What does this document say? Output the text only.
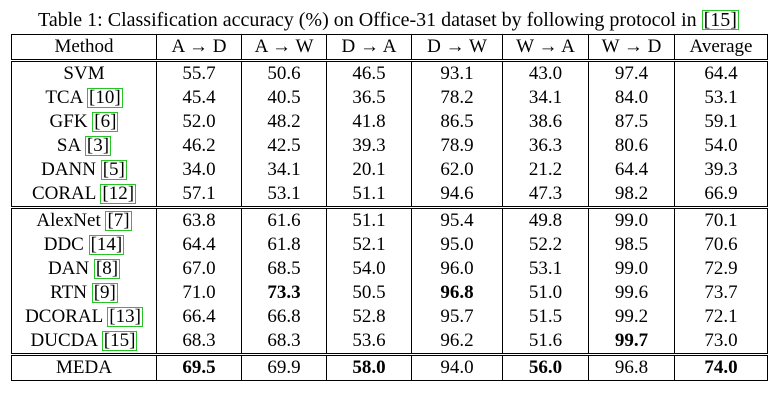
Table 1: Classification accuracy (%) on Office-31 dataset by following protocol in [15]
Method	A → D	A → W	D → A	D → W	W → A	W → D	Average
SVM	55.7	50.6	46.5	93.1	43.0	97.4	64.4
TCA [10]	45.4	40.5	36.5	78.2	34.1	84.0	53.1
GFK [6]	52.0	48.2	41.8	86.5	38.6	87.5	59.1
SA [3]	46.2	42.5	39.3	78.9	36.3	80.6	54.0
DANN [5]	34.0	34.1	20.1	62.0	21.2	64.4	39.3
CORAL [12]	57.1	53.1	51.1	94.6	47.3	98.2	66.9
AlexNet [7]	63.8	61.6	51.1	95.4	49.8	99.0	70.1
DDC [14]	64.4	61.8	52.1	95.0	52.2	98.5	70.6
DAN [8]	67.0	68.5	54.0	96.0	53.1	99.0	72.9
RTN [9]	71.0	73.3	50.5	96.8	51.0	99.6	73.7
DCORAL [13]	66.4	66.8	52.8	95.7	51.5	99.2	72.1
DUCDA [15]	68.3	68.3	53.6	96.2	51.6	99.7	73.0
MEDA	69.5	69.9	58.0	94.0	56.0	96.8	74.0
